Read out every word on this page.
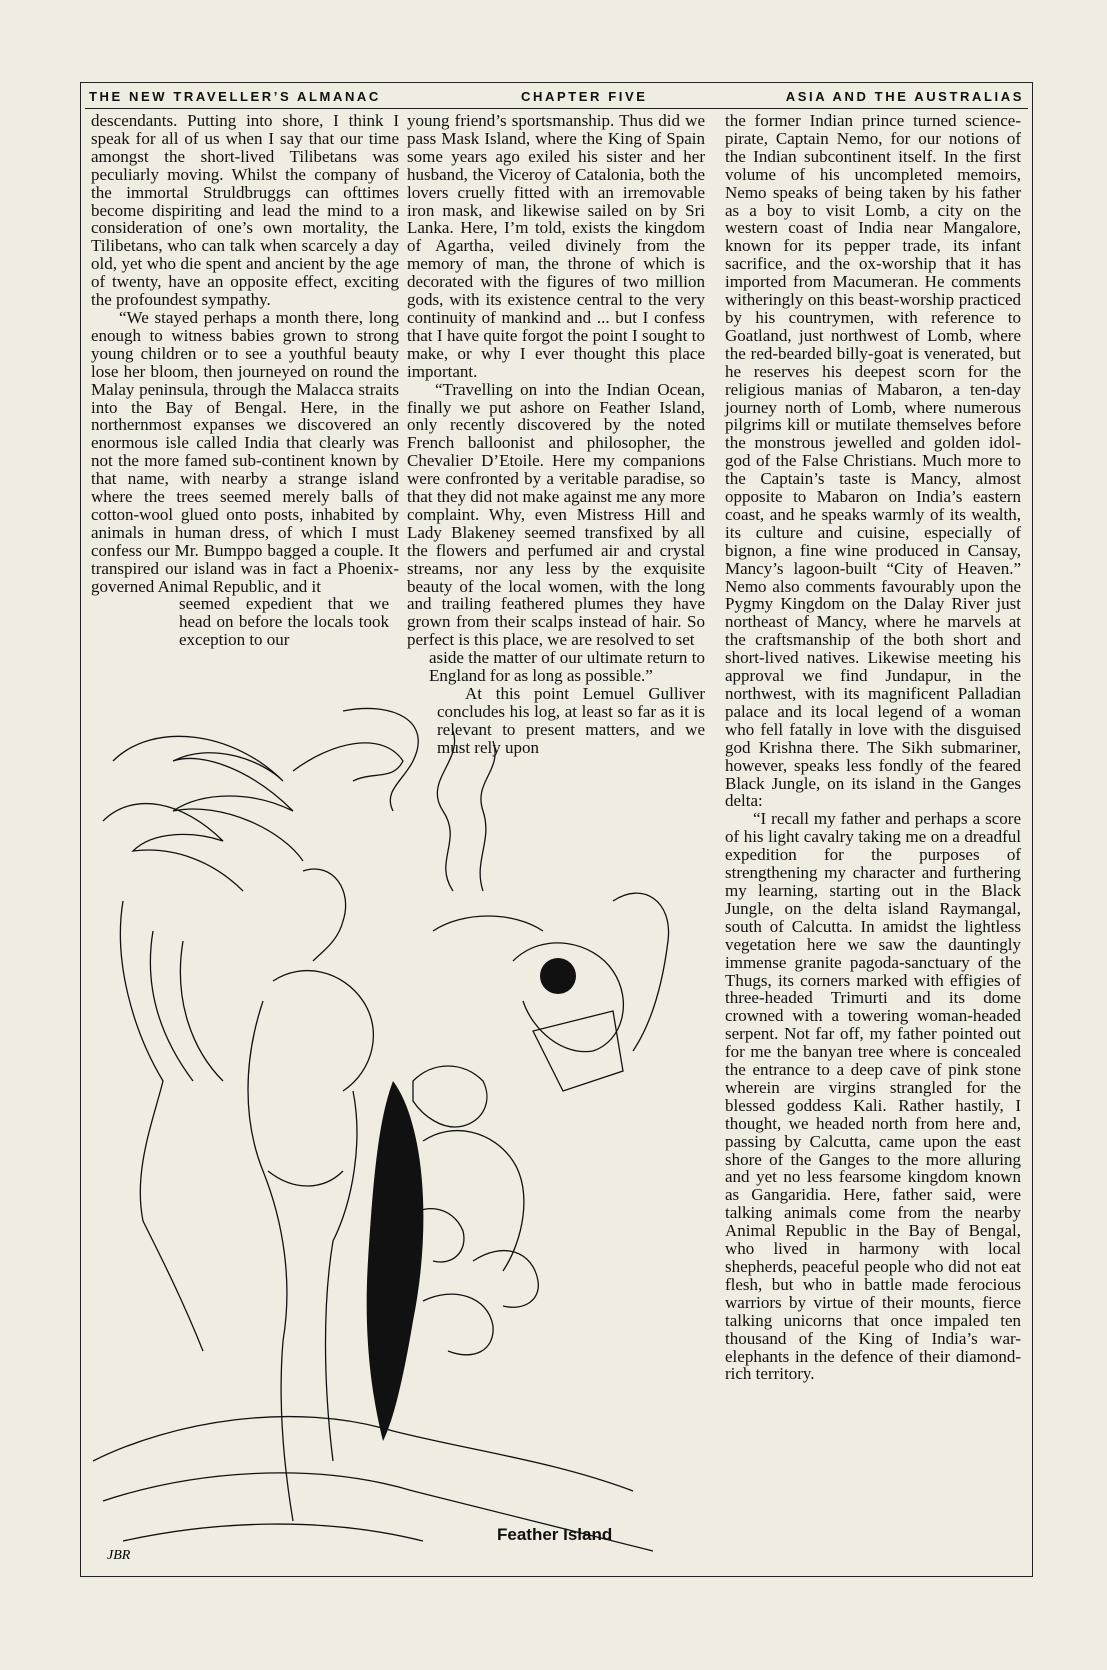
THE NEW TRAVELLER’S ALMANAC	CHAPTER FIVE	ASIA AND THE AUSTRALIAS

descendants. Putting into shore, I think I speak for all of us when I say that our time amongst the short-lived Tilibetans was peculiarly moving. Whilst the company of the immortal Struldbruggs can ofttimes become dispiriting and lead the mind to a consideration of one’s own mortality, the Tilibetans, who can talk when scarcely a day old, yet who die spent and ancient by the age of twenty, have an opposite effect, exciting the profoundest sympathy.

“We stayed perhaps a month there, long enough to witness babies grown to strong young children or to see a youthful beauty lose her bloom, then journeyed on round the Malay peninsula, through the Malacca straits into the Bay of Bengal. Here, in the northernmost expanses we discovered an enormous isle called India that clearly was not the more famed sub-continent known by that name, with nearby a strange island where the trees seemed merely balls of cotton-wool glued onto posts, inhabited by animals in human dress, of which I must confess our Mr. Bumppo bagged a couple. It transpired our island was in fact a Phoenix-governed Animal Republic, and it

seemed expedient that we head on before the locals took exception to our

young friend’s sportsmanship. Thus did we pass Mask Island, where the King of Spain some years ago exiled his sister and her husband, the Viceroy of Catalonia, both the lovers cruelly fitted with an irremovable iron mask, and likewise sailed on by Sri Lanka. Here, I’m told, exists the kingdom of Agartha, veiled divinely from the memory of man, the throne of which is decorated with the figures of two million gods, with its existence central to the very continuity of mankind and ... but I confess that I have quite forgot the point I sought to make, or why I ever thought this place important.

“Travelling on into the Indian Ocean, finally we put ashore on Feather Island, only recently discovered by the noted French balloonist and philosopher, the Chevalier D’Etoile. Here my companions were confronted by a veritable paradise, so that they did not make against me any more complaint. Why, even Mistress Hill and Lady Blakeney seemed transfixed by all the flowers and perfumed air and crystal streams, nor any less by the exquisite beauty of the local women, with the long and trailing feathered plumes they have grown from their scalps instead of hair. So perfect is this place, we are resolved to set

aside the matter of our ultimate return to England for as long as possible.”

At this point Lemuel Gulliver concludes his log, at least so far as it is relevant to present matters, and we must rely upon

the former Indian prince turned science-pirate, Captain Nemo, for our notions of the Indian subcontinent itself. In the first volume of his uncompleted memoirs, Nemo speaks of being taken by his father as a boy to visit Lomb, a city on the western coast of India near Mangalore, known for its pepper trade, its infant sacrifice, and the ox-worship that it has imported from Macumeran. He comments witheringly on this beast-worship practiced by his countrymen, with reference to Goatland, just northwest of Lomb, where the red-bearded billy-goat is venerated, but he reserves his deepest scorn for the religious manias of Mabaron, a ten-day journey north of Lomb, where numerous pilgrims kill or mutilate themselves before the monstrous jewelled and golden idol-god of the False Christians. Much more to the Captain’s taste is Mancy, almost opposite to Mabaron on India’s eastern coast, and he speaks warmly of its wealth, its culture and cuisine, especially of bignon, a fine wine produced in Cansay, Mancy’s lagoon-built “City of Heaven.” Nemo also comments favourably upon the Pygmy Kingdom on the Dalay River just northeast of Mancy, where he marvels at the craftsmanship of the both short and short-lived natives. Likewise meeting his approval we find Jundapur, in the northwest, with its magnificent Palladian palace and its local legend of a woman who fell fatally in love with the disguised god Krishna there. The Sikh submariner, however, speaks less fondly of the feared Black Jungle, on its island in the Ganges delta:

“I recall my father and perhaps a score of his light cavalry taking me on a dreadful expedition for the purposes of strengthening my character and furthering my learning, starting out in the Black Jungle, on the delta island Raymangal, south of Calcutta. In amidst the lightless vegetation here we saw the dauntingly immense granite pagoda-sanctuary of the Thugs, its corners marked with effigies of three-headed Trimurti and its dome crowned with a towering woman-headed serpent. Not far off, my father pointed out for me the banyan tree where is concealed the entrance to a deep cave of pink stone wherein are virgins strangled for the blessed goddess Kali. Rather hastily, I thought, we headed north from here and, passing by Calcutta, came upon the east shore of the Ganges to the more alluring and yet no less fearsome kingdom known as Gangaridia. Here, father said, were talking animals come from the nearby Animal Republic in the Bay of Bengal, who lived in harmony with local shepherds, peaceful people who did not eat flesh, but who in battle made ferocious warriors by virtue of their mounts, fierce talking unicorns that once impaled ten thousand of the King of India’s war-elephants in the defence of their diamond-rich territory.

JBR
Feather Island
